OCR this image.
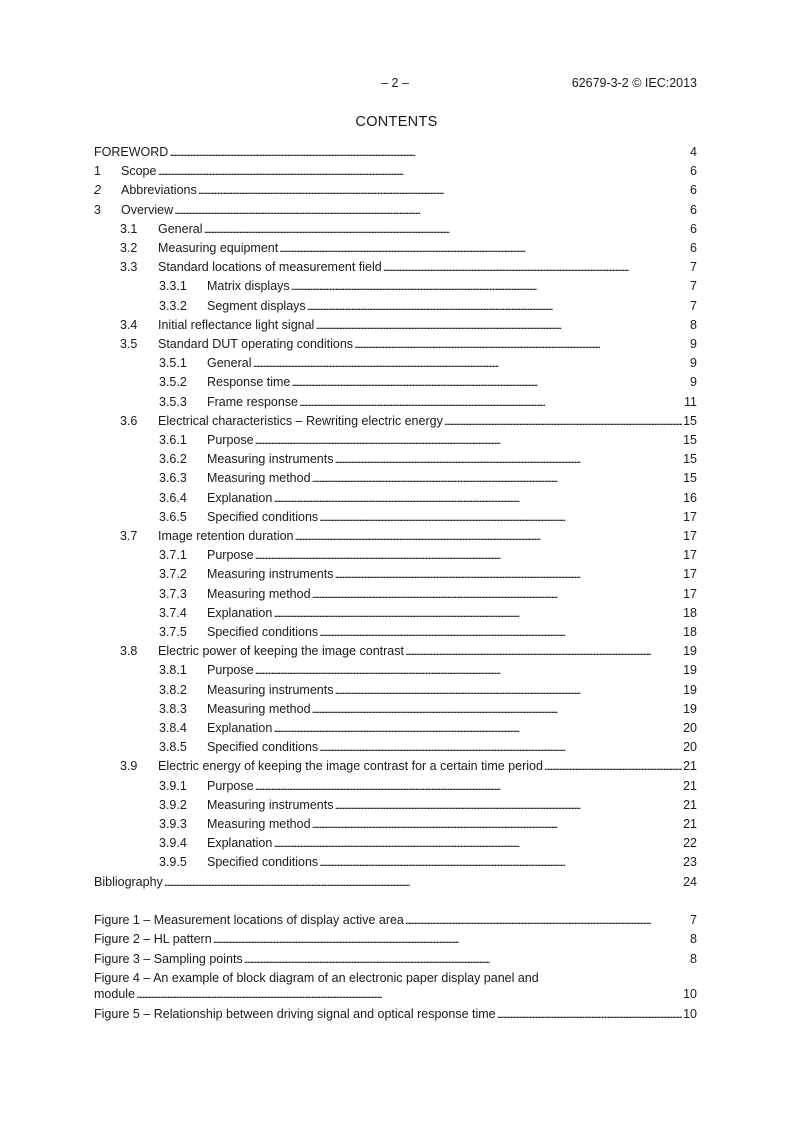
– 2 –	62679-3-2 © IEC:2013
CONTENTS
FOREWORD . . .	4
1	Scope . . .	6
2	Abbreviations . . .	6
3	Overview . . .	6
3.1	General . . .	6
3.2	Measuring equipment . . .	6
3.3	Standard locations of measurement field . . .	7
3.3.1	Matrix displays . . .	7
3.3.2	Segment displays . . .	7
3.4	Initial reflectance light signal . . .	8
3.5	Standard DUT operating conditions . . .	9
3.5.1	General . . .	9
3.5.2	Response time . . .	9
3.5.3	Frame response . . .	11
3.6	Electrical characteristics – Rewriting electric energy . . .	15
3.6.1	Purpose . . .	15
3.6.2	Measuring instruments . . .	15
3.6.3	Measuring method . . .	15
3.6.4	Explanation . . .	16
3.6.5	Specified conditions . . .	17
3.7	Image retention duration . . .	17
3.7.1	Purpose . . .	17
3.7.2	Measuring instruments . . .	17
3.7.3	Measuring method . . .	17
3.7.4	Explanation . . .	18
3.7.5	Specified conditions . . .	18
3.8	Electric power of keeping the image contrast . . .	19
3.8.1	Purpose . . .	19
3.8.2	Measuring instruments . . .	19
3.8.3	Measuring method . . .	19
3.8.4	Explanation . . .	20
3.8.5	Specified conditions . . .	20
3.9	Electric energy of keeping the image contrast for a certain time period . . .	21
3.9.1	Purpose . . .	21
3.9.2	Measuring instruments . . .	21
3.9.3	Measuring method . . .	21
3.9.4	Explanation . . .	22
3.9.5	Specified conditions . . .	23
Bibliography . . .	24
Figure 1 – Measurement locations of display active area . . .	7
Figure 2 – HL pattern . . .	8
Figure 3 – Sampling points . . .	8
Figure 4 – An example of block diagram of an electronic paper display panel and
module . . .	10
Figure 5 – Relationship between driving signal and optical response time . . .	10
